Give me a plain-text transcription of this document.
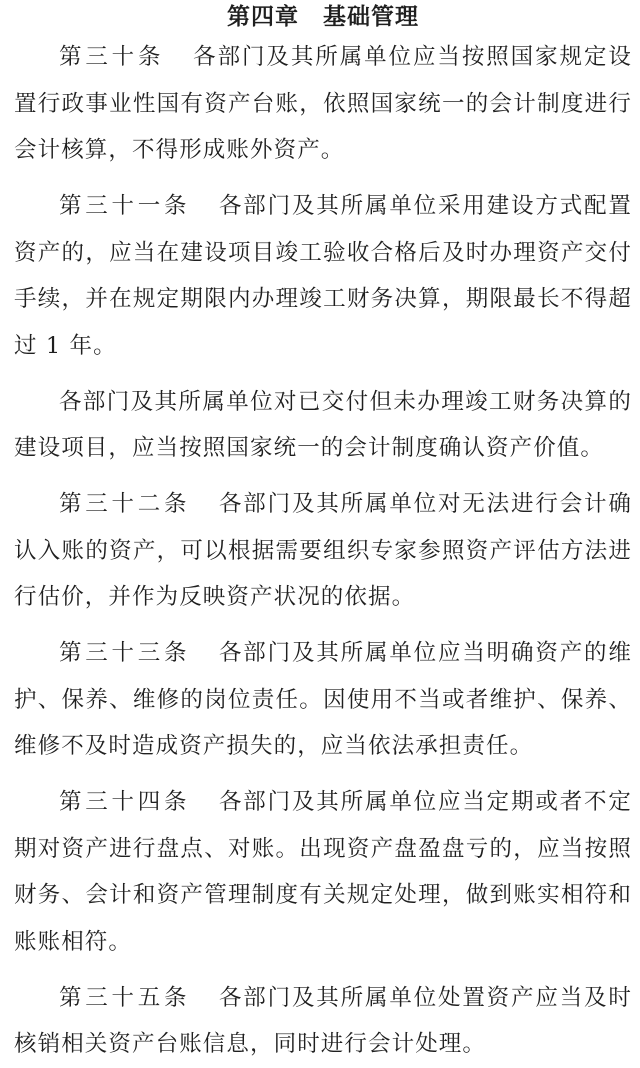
第四章　基础管理

第三十条 各部门及其所属单位应当按照国家规定设置行政事业性国有资产台账，依照国家统一的会计制度进行会计核算，不得形成账外资产。

第三十一条 各部门及其所属单位采用建设方式配置资产的，应当在建设项目竣工验收合格后及时办理资产交付手续，并在规定期限内办理竣工财务决算，期限最长不得超过 1 年。

各部门及其所属单位对已交付但未办理竣工财务决算的建设项目，应当按照国家统一的会计制度确认资产价值。

第三十二条 各部门及其所属单位对无法进行会计确认入账的资产，可以根据需要组织专家参照资产评估方法进行估价，并作为反映资产状况的依据。

第三十三条 各部门及其所属单位应当明确资产的维护、保养、维修的岗位责任。因使用不当或者维护、保养、维修不及时造成资产损失的，应当依法承担责任。

第三十四条 各部门及其所属单位应当定期或者不定期对资产进行盘点、对账。出现资产盘盈盘亏的，应当按照财务、会计和资产管理制度有关规定处理，做到账实相符和账账相符。

第三十五条 各部门及其所属单位处置资产应当及时核销相关资产台账信息，同时进行会计处理。
